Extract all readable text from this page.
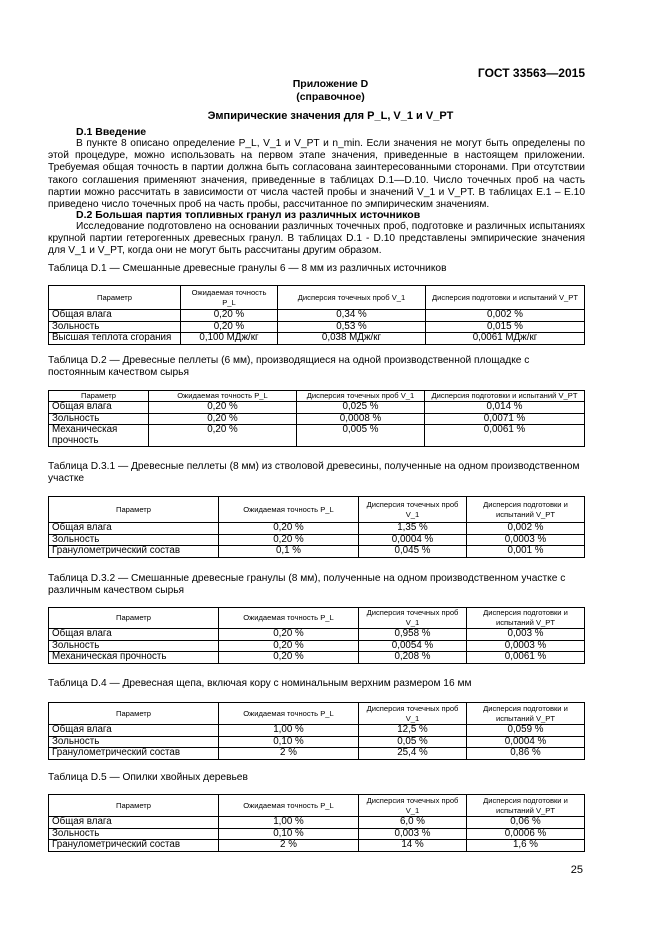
ГОСТ 33563—2015
Приложение D
(справочное)
Эмпирические значения для P_L, V_1 и V_PT
D.1 Введение

В пункте 8 описано определение P_L, V_1 и V_PT и n_min. Если значения не могут быть определены по этой процедуре, можно использовать на первом этапе значения, приведенные в настоящем приложении. Требуемая общая точность в партии должна быть согласована заинтересованными сторонами. При отсутствии такого соглашения применяют значения, приведенные в таблицах D.1—D.10. Число точечных проб на часть партии можно рассчитать в зависимости от числа частей пробы и значений V_1 и V_PT. В таблицах Е.1 – Е.10 приведено число точечных проб на часть пробы, рассчитанное по эмпирическим значениям.

D.2 Большая партия топливных гранул из различных источников

Исследование подготовлено на основании различных точечных проб, подготовке и различных испытаниях крупной партии гетерогенных древесных гранул. В таблицах D.1 - D.10 представлены эмпирические значения для V_1 и V_PT, когда они не могут быть рассчитаны другим образом.

Таблица D.1 — Смешанные древесные гранулы 6 — 8 мм из различных источников
Параметр	Ожидаемая точность P_L	Дисперсия точечных проб V_1	Дисперсия подготовки и испытаний V_PT
Общая влага	0,20 %	0,34 %	0,002 %
Зольность	0,20 %	0,53 %	0,015 %
Высшая теплота сгорания	0,100 МДж/кг	0,038 МДж/кг	0,0061 МДж/кг
Таблица D.2 — Древесные пеллеты (6 мм), производящиеся на одной производственной площадке с постоянным качеством сырья
Параметр	Ожидаемая точность P_L	Дисперсия точечных проб V_1	Дисперсия подготовки и испытаний V_PT
Общая влага	0,20 %	0,025 %	0,014 %
Зольность	0,20 %	0,0008 %	0,0071 %
Механическая прочность	0,20 %	0,005 %	0,0061 %
Таблица D.3.1 — Древесные пеллеты (8 мм) из стволовой древесины, полученные на одном производственном участке
Параметр	Ожидаемая точность P_L	Дисперсия точечных проб V_1	Дисперсия подготовки и испытаний V_PT
Общая влага	0,20 %	1,35 %	0,002 %
Зольность	0,20 %	0,0004 %	0,0003 %
Гранулометрический состав	0,1 %	0,045 %	0,001 %
Таблица D.3.2 — Смешанные древесные гранулы (8 мм), полученные на одном производственном участке с различным качеством сырья
Параметр	Ожидаемая точность P_L	Дисперсия точечных проб V_1	Дисперсия подготовки и испытаний V_PT
Общая влага	0,20 %	0,958 %	0,003 %
Зольность	0,20 %	0,0054 %	0,0003 %
Механическая прочность	0,20 %	0,208 %	0,0061 %
Таблица D.4 — Древесная щепа, включая кору с номинальным верхним размером 16 мм
Параметр	Ожидаемая точность P_L	Дисперсия точечных проб V_1	Дисперсия подготовки и испытаний V_PT
Общая влага	1,00 %	12,5 %	0,059 %
Зольность	0,10 %	0,05 %	0,0004 %
Гранулометрический состав	2 %	25,4 %	0,86 %
Таблица D.5 — Опилки хвойных деревьев
Параметр	Ожидаемая точность P_L	Дисперсия точечных проб V_1	Дисперсия подготовки и испытаний V_PT
Общая влага	1,00 %	6,0 %	0,06 %
Зольность	0,10 %	0,003 %	0,0006 %
Гранулометрический состав	2 %	14 %	1,6 %
25
